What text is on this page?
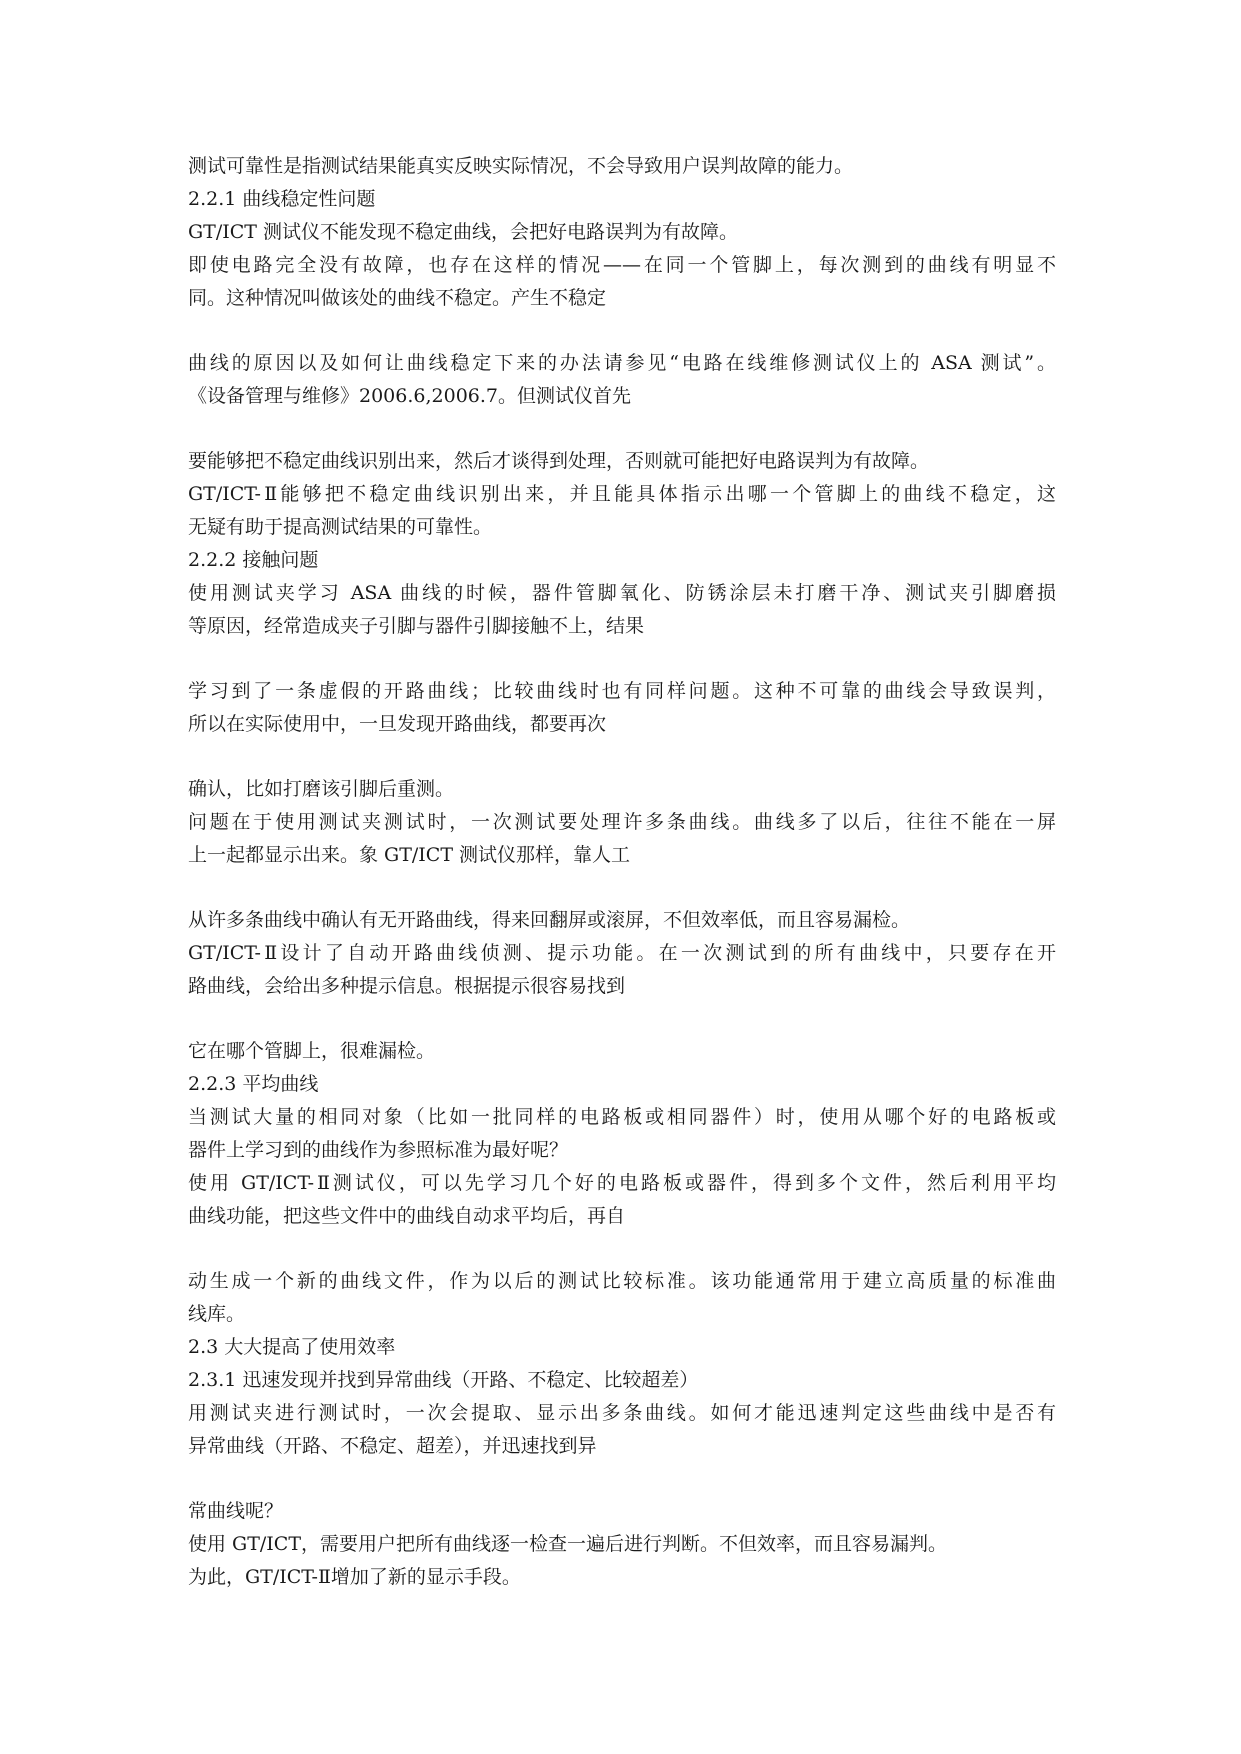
测试可靠性是指测试结果能真实反映实际情况，不会导致用户误判故障的能力。
2.2.1 曲线稳定性问题
GT/ICT 测试仪不能发现不稳定曲线，会把好电路误判为有故障。
即使电路完全没有故障，也存在这样的情况——在同一个管脚上，每次测到的曲线有明显不
同。这种情况叫做该处的曲线不稳定。产生不稳定
曲线的原因以及如何让曲线稳定下来的办法请参见“电路在线维修测试仪上的 ASA 测试”。
《设备管理与维修》2006.6,2006.7。但测试仪首先
要能够把不稳定曲线识别出来，然后才谈得到处理，否则就可能把好电路误判为有故障。
GT/ICT-Ⅱ能够把不稳定曲线识别出来，并且能具体指示出哪一个管脚上的曲线不稳定，这
无疑有助于提高测试结果的可靠性。
2.2.2 接触问题
使用测试夹学习 ASA 曲线的时候，器件管脚氧化、防锈涂层未打磨干净、测试夹引脚磨损
等原因，经常造成夹子引脚与器件引脚接触不上，结果
学习到了一条虚假的开路曲线；比较曲线时也有同样问题。这种不可靠的曲线会导致误判，
所以在实际使用中，一旦发现开路曲线，都要再次
确认，比如打磨该引脚后重测。
问题在于使用测试夹测试时，一次测试要处理许多条曲线。曲线多了以后，往往不能在一屏
上一起都显示出来。象 GT/ICT 测试仪那样，靠人工
从许多条曲线中确认有无开路曲线，得来回翻屏或滚屏，不但效率低，而且容易漏检。
GT/ICT-Ⅱ设计了自动开路曲线侦测、提示功能。在一次测试到的所有曲线中，只要存在开
路曲线，会给出多种提示信息。根据提示很容易找到
它在哪个管脚上，很难漏检。
2.2.3 平均曲线
当测试大量的相同对象（比如一批同样的电路板或相同器件）时，使用从哪个好的电路板或
器件上学习到的曲线作为参照标准为最好呢？
使用 GT/ICT-Ⅱ测试仪，可以先学习几个好的电路板或器件，得到多个文件，然后利用平均
曲线功能，把这些文件中的曲线自动求平均后，再自
动生成一个新的曲线文件，作为以后的测试比较标准。该功能通常用于建立高质量的标准曲
线库。
2.3 大大提高了使用效率
2.3.1 迅速发现并找到异常曲线（开路、不稳定、比较超差）
用测试夹进行测试时，一次会提取、显示出多条曲线。如何才能迅速判定这些曲线中是否有
异常曲线（开路、不稳定、超差），并迅速找到异
常曲线呢？
使用 GT/ICT，需要用户把所有曲线逐一检查一遍后进行判断。不但效率，而且容易漏判。
为此，GT/ICT-Ⅱ增加了新的显示手段。
